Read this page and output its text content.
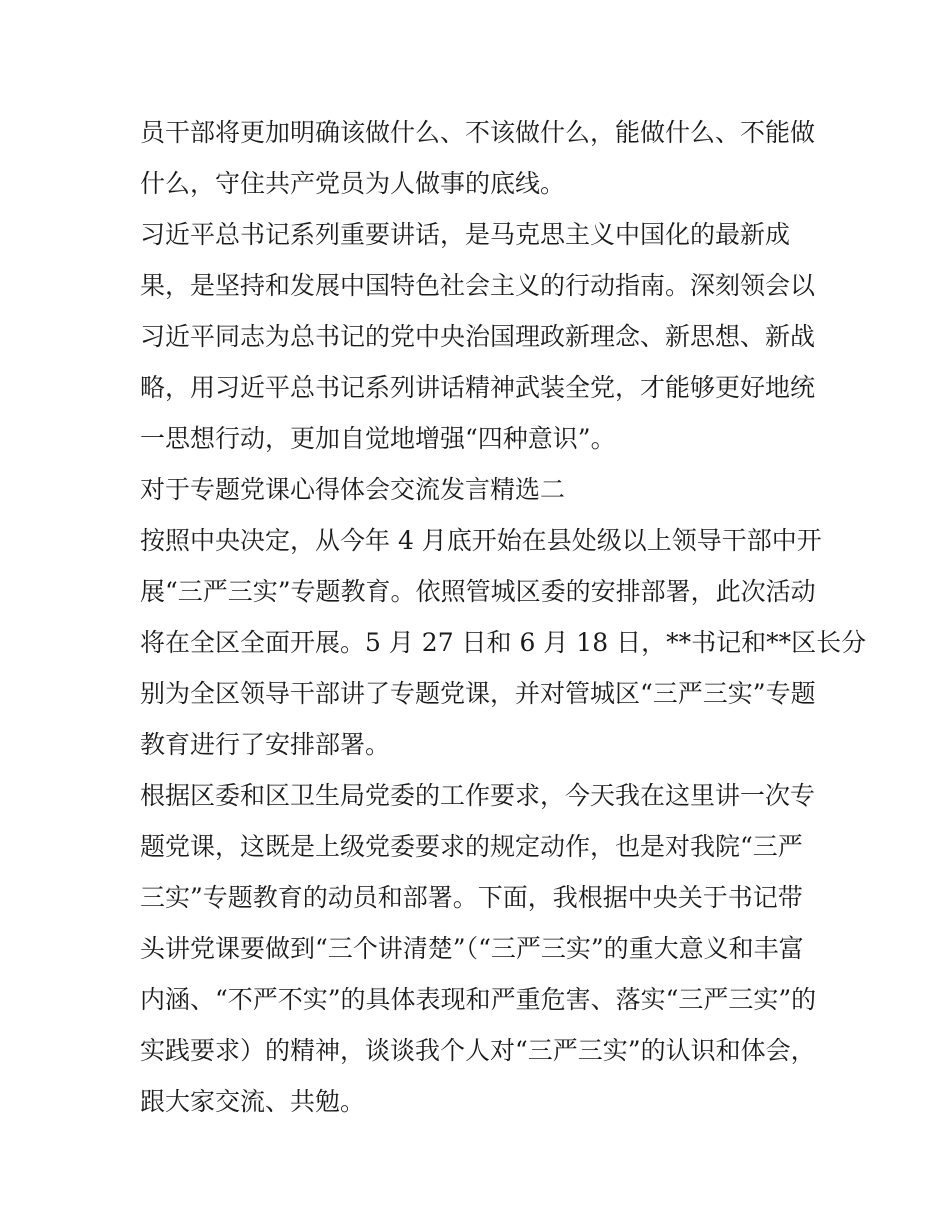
员干部将更加明确该做什么、不该做什么，能做什么、不能做
什么，守住共产党员为人做事的底线。
习近平总书记系列重要讲话，是马克思主义中国化的最新成
果，是坚持和发展中国特色社会主义的行动指南。深刻领会以
习近平同志为总书记的党中央治国理政新理念、新思想、新战
略，用习近平总书记系列讲话精神武装全党，才能够更好地统
一思想行动，更加自觉地增强“四种意识”。
对于专题党课心得体会交流发言精选二
按照中央决定，从今年 4 月底开始在县处级以上领导干部中开
展“三严三实”专题教育。依照管城区委的安排部署，此次活动
将在全区全面开展。5 月 27 日和 6 月 18 日，**书记和**区长分
别为全区领导干部讲了专题党课，并对管城区“三严三实”专题
教育进行了安排部署。
根据区委和区卫生局党委的工作要求，今天我在这里讲一次专
题党课，这既是上级党委要求的规定动作，也是对我院“三严
三实”专题教育的动员和部署。下面，我根据中央关于书记带
头讲党课要做到“三个讲清楚”（“三严三实”的重大意义和丰富
内涵、“不严不实”的具体表现和严重危害、落实“三严三实”的
实践要求）的精神，谈谈我个人对“三严三实”的认识和体会，
跟大家交流、共勉。
